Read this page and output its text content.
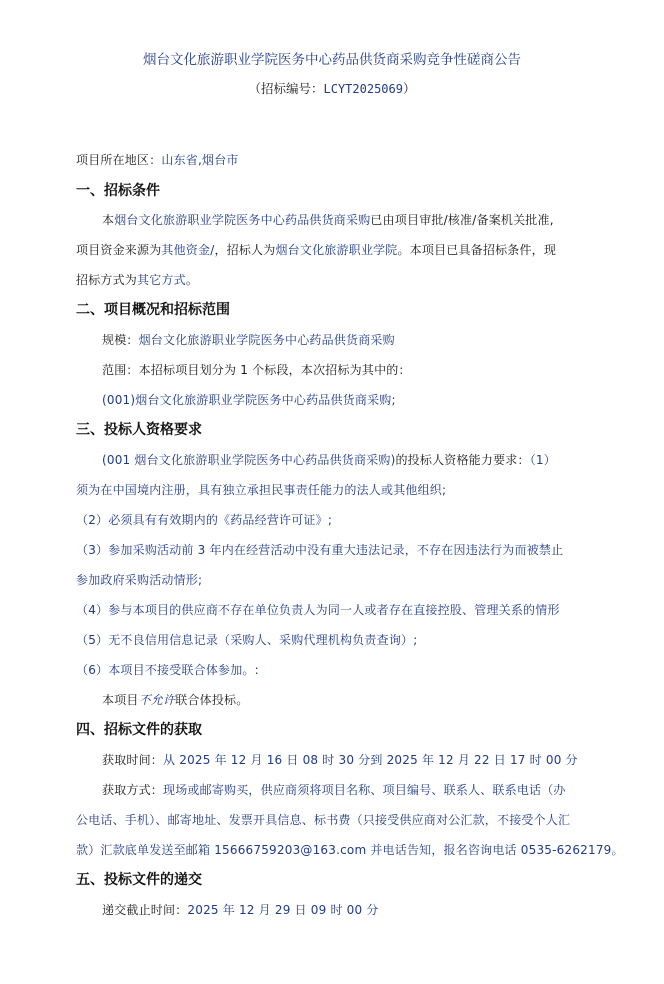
烟台文化旅游职业学院医务中心药品供货商采购竞争性磋商公告
（招标编号：LCYT2025069）
项目所在地区：山东省,烟台市
一、招标条件
本烟台文化旅游职业学院医务中心药品供货商采购已由项目审批/核准/备案机关批准,
项目资金来源为其他资金/，招标人为烟台文化旅游职业学院。本项目已具备招标条件，现
招标方式为其它方式。
二、项目概况和招标范围
规模：烟台文化旅游职业学院医务中心药品供货商采购
范围：本招标项目划分为 1 个标段，本次招标为其中的：
(001)烟台文化旅游职业学院医务中心药品供货商采购;
三、投标人资格要求
(001 烟台文化旅游职业学院医务中心药品供货商采购)的投标人资格能力要求：（1）
须为在中国境内注册，具有独立承担民事责任能力的法人或其他组织;
（2）必须具有有效期内的《药品经营许可证》;
（3）参加采购活动前 3 年内在经营活动中没有重大违法记录，不存在因违法行为而被禁止
参加政府采购活动情形;
（4）参与本项目的供应商不存在单位负责人为同一人或者存在直接控股、管理关系的情形
（5）无不良信用信息记录（采购人、采购代理机构负责查询）;
（6）本项目不接受联合体参加。:
本项目不允许联合体投标。
四、招标文件的获取
获取时间：从 2025 年 12 月 16 日 08 时 30 分到 2025 年 12 月 22 日 17 时 00 分
获取方式：现场或邮寄购买，供应商须将项目名称、项目编号、联系人、联系电话（办
公电话、手机）、邮寄地址、发票开具信息、标书费（只接受供应商对公汇款，不接受个人汇
款）汇款底单发送至邮箱 15666759203@163.com 并电话告知，报名咨询电话 0535-6262179。
五、投标文件的递交
递交截止时间：2025 年 12 月 29 日 09 时 00 分
